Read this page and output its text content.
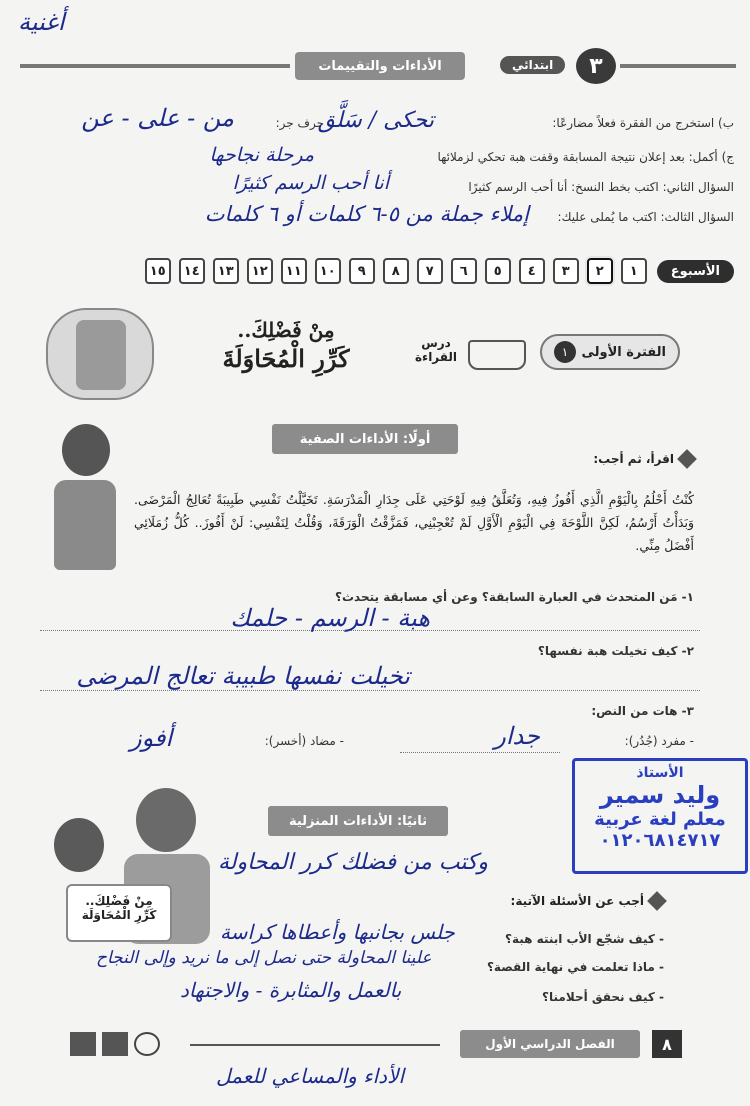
أغنية
الأداءات والتقييمات	ابتدائي	٣
ب) استخرج من الفقرة فعلاً مضارعًا:
تحكى / سَلَّق
حرف جر:
من - على - عن
ج) أكمل: بعد إعلان نتيجة المسابقة وقفت هبة تحكي لزملائها
مرحلة نجاحها
السؤال الثاني: اكتب بخط النسخ: أنا أحب الرسم كثيرًا
أنا أحب الرسم كثيرًا
السؤال الثالث: اكتب ما يُملى عليك:
إملاء جملة من ٥-٦ كلمات أو ٦ كلمات
الأسبوع
١
٢
٣
٤
٥
٦
٧
٨
٩
١٠
١١
١٢
١٣
١٤
١٥
مِنْ فَضْلِكَ..
كَرِّرِ الْمُحَاوَلَةَ
درس القراءة	الفترة الأولى
١
أولًا: الأداءات الصفية
اقرأ، ثم أجب:
كُنْتُ أَحْلُمُ بِالْيَوْمِ الَّذِي أَفُوزُ فِيهِ، وَتُعَلَّقُ فِيهِ لَوْحَتِي عَلَى جِدَارِ الْمَدْرَسَةِ. تَخَيَّلْتُ نَفْسِي طَبِيبَةً تُعَالِجُ الْمَرْضَى. وَبَدَأْتُ أَرْسُمُ، لَكِنَّ اللَّوْحَةَ فِي الْيَوْمِ الْأَوَّلِ لَمْ تُعْجِبْنِي، فَمَزَّقْتُ الْوَرَقَةَ، وَقُلْتُ لِنَفْسِي: لَنْ أَفُوزَ.. كُلُّ زُمَلَائِي أَفْضَلُ مِنِّي.
١- مَن المتحدث في العبارة السابقة؟ وعن أي مسابقة يتحدث؟
هبة - الرسم - حلمك
٢- كيف تخيلت هبة نفسها؟
تخيلت نفسها طبيبة تعالج المرضى
٣- هات من النص:
- مفرد (جُدُر):
جدار
- مضاد (أخسر):
أفوز
الأستاذ
وليد سمير
معلم لغة عربية
٠١٢٠٦٨١٤٧١٧
ثانيًا: الأداءات المنزلية
مِنْ فَضْلِكَ..
كَرِّرِ الْمُحَاوَلَة
وكتب من فضلك كرر المحاولة
أجب عن الأسئلة الآتية:
- كيف شجّع الأب ابنته هبة؟
جلس بجانبها وأعطاها كراسة
- ماذا تعلمت في نهاية القصة؟
علينا المحاولة حتى نصل إلى ما نريد وإلى النجاح
- كيف نحقق أحلامنا؟
بالعمل والمثابرة - والاجتهاد
الفصل الدراسي الأول	٨
الأداء والمساعي للعمل
